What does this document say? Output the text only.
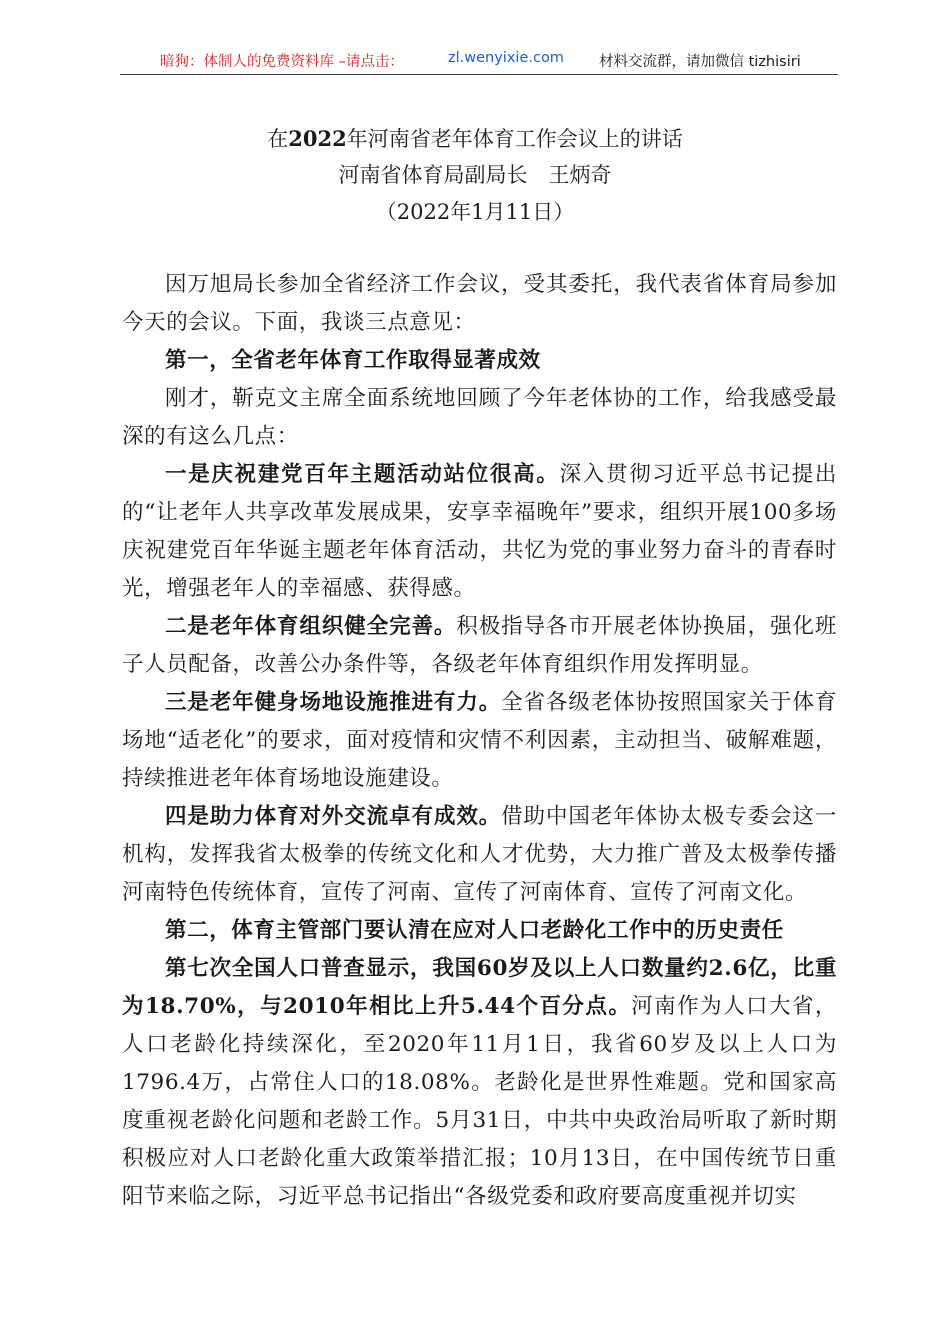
暗狗：体制人的免费资料库 –请点击：	zl.wenyixie.com 材料交流群，请加微信 tizhisiri
在2022年河南省老年体育工作会议上的讲话
河南省体育局副局长　王炳奇
（2022年1月11日）

因万旭局长参加全省经济工作会议，受其委托，我代表省体育局参加今天的会议。下面，我谈三点意见：

第一，全省老年体育工作取得显著成效

刚才，靳克文主席全面系统地回顾了今年老体协的工作，给我感受最深的有这么几点：

一是庆祝建党百年主题活动站位很高。深入贯彻习近平总书记提出的“让老年人共享改革发展成果，安享幸福晚年”要求，组织开展100多场庆祝建党百年华诞主题老年体育活动，共忆为党的事业努力奋斗的青春时光，增强老年人的幸福感、获得感。

二是老年体育组织健全完善。积极指导各市开展老体协换届，强化班子人员配备，改善公办条件等，各级老年体育组织作用发挥明显。

三是老年健身场地设施推进有力。全省各级老体协按照国家关于体育场地“适老化”的要求，面对疫情和灾情不利因素，主动担当、破解难题，持续推进老年体育场地设施建设。

四是助力体育对外交流卓有成效。借助中国老年体协太极专委会这一机构，发挥我省太极拳的传统文化和人才优势，大力推广普及太极拳传播河南特色传统体育，宣传了河南、宣传了河南体育、宣传了河南文化。

第二，体育主管部门要认清在应对人口老龄化工作中的历史责任

第七次全国人口普查显示，我国60岁及以上人口数量约2.6亿，比重为18.70%，与2010年相比上升5.44个百分点。河南作为人口大省，人口老龄化持续深化，至2020年11月1日，我省60岁及以上人口为1796.4万，占常住人口的18.08%。老龄化是世界性难题。党和国家高度重视老龄化问题和老龄工作。5月31日，中共中央政治局听取了新时期积极应对人口老龄化重大政策举措汇报；10月13日，在中国传统节日重阳节来临之际，习近平总书记指出“各级党委和政府要高度重视并切实
